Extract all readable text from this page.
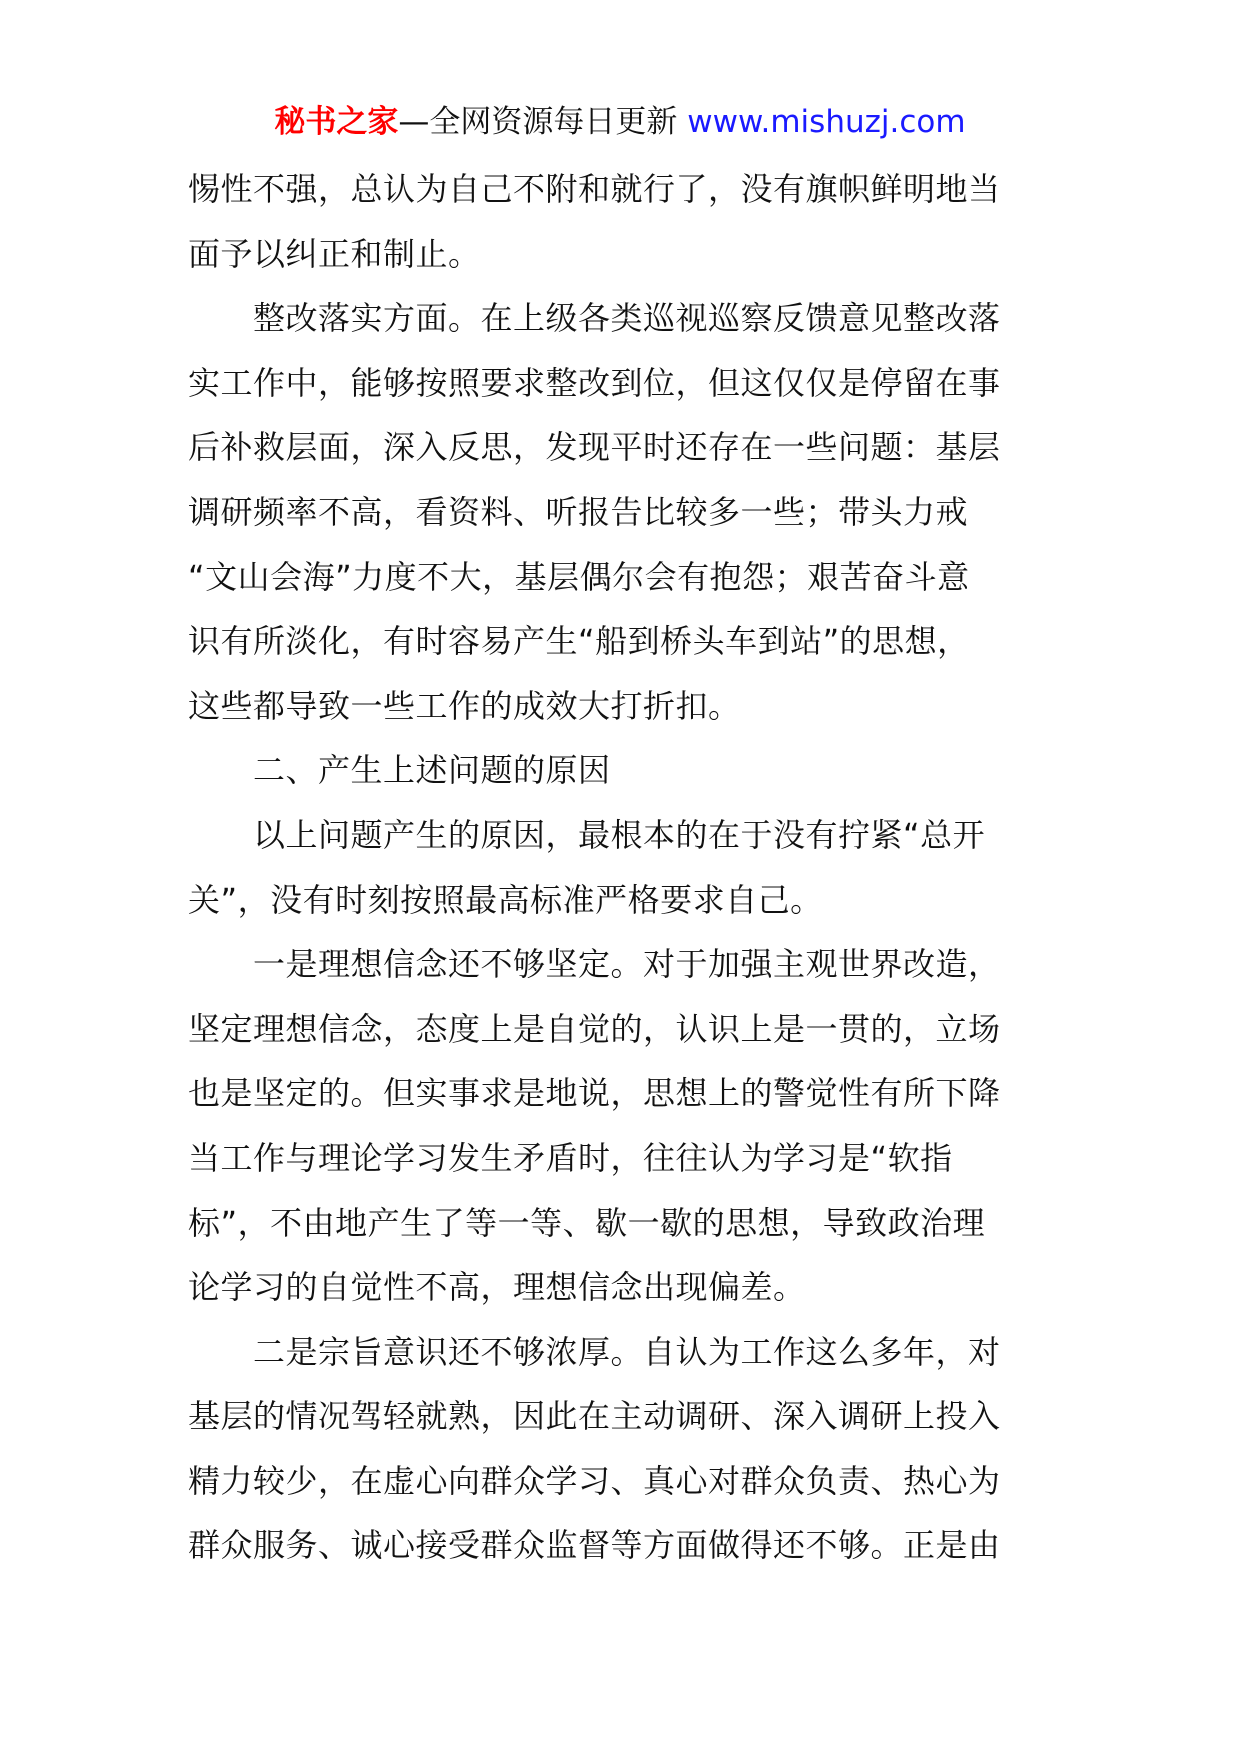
秘书之家—全网资源每日更新 www.mishuzj.com
惕性不强，总认为自己不附和就行了，没有旗帜鲜明地当
面予以纠正和制止。
　　整改落实方面。在上级各类巡视巡察反馈意见整改落
实工作中，能够按照要求整改到位，但这仅仅是停留在事
后补救层面，深入反思，发现平时还存在一些问题：基层
调研频率不高，看资料、听报告比较多一些；带头力戒
“文山会海”力度不大，基层偶尔会有抱怨；艰苦奋斗意
识有所淡化，有时容易产生“船到桥头车到站”的思想，
这些都导致一些工作的成效大打折扣。
　　二、产生上述问题的原因
　　以上问题产生的原因，最根本的在于没有拧紧“总开
关”，没有时刻按照最高标准严格要求自己。
　　一是理想信念还不够坚定。对于加强主观世界改造，
坚定理想信念，态度上是自觉的，认识上是一贯的，立场
也是坚定的。但实事求是地说，思想上的警觉性有所下降
当工作与理论学习发生矛盾时，往往认为学习是“软指
标”，不由地产生了等一等、歇一歇的思想，导致政治理
论学习的自觉性不高，理想信念出现偏差。
　　二是宗旨意识还不够浓厚。自认为工作这么多年，对
基层的情况驾轻就熟，因此在主动调研、深入调研上投入
精力较少，在虚心向群众学习、真心对群众负责、热心为
群众服务、诚心接受群众监督等方面做得还不够。正是由
